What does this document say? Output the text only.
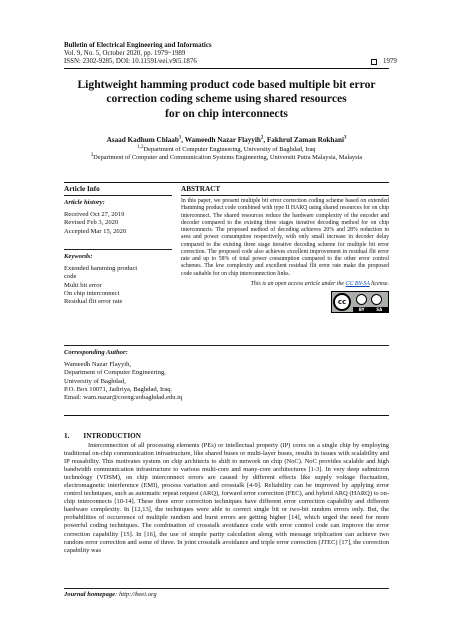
Bulletin of Electrical Engineering and Informatics
Vol. 9, No. 5, October 2020, pp. 1979~1989
ISSN: 2302-9285, DOI: 10.11591/eei.v9i5.1876	1979
Lightweight hamming product code based multiple bit error
correction coding scheme using shared resources
for on chip interconnects
Asaad Kadhum Chlaab$^1$, Wameedh Nazar Flayyih$^2$, Fakhrul Zaman Rokhani$^3$
$^{1,2}$Department of Computer Engineering, University of Baghdad, Iraq
$^3$Department of Computer and Communication Systems Engineering, Universiti Putra Malaysia, Malaysia
Article Info	ABSTRACT
Article history:
Received Oct 27, 2019
Revised Feb 3, 2020
Accepted Mar 15, 2020
Keywords:
Extended hamming product
code
Multi bit error
On chip interconnect
Residual flit error rate
In this paper, we present multiple bit error correction coding scheme based on extended Hamming product code combined with type II HARQ using shared resources for on chip interconnect. The shared resources reduce the hardware complexity of the encoder and decoder compared to the existing three stages iterative decoding method for on chip interconnects. The proposed method of decoding achieves 20% and 28% reduction in area and power consumption respectively, with only small increase in decoder delay compared to the existing three stage iterative decoding scheme for multiple bit error correction. The proposed code also achieves excellent improvement in residual flit error rate and up to 58% of total power consumption compared to the other error control schemes. The low complexity and excellent residual flit error rate make the proposed code suitable for on chip interconnection links.
This is an open access article under the CC BY-SA license.
cc
BY	SA
Corresponding Author:
Wameedh Nazar Flayyih,
Department of Computer Engineering,
University of Baghdad,
P.O. Box 10071, Jadiriya, Baghdad, Iraq.
Email: wam.nazar@coeng.uobaghdad.edu.iq
1. INTRODUCTION
Interconnection of all processing elements (PEs) or intellectual property (IP) cores on a single chip by employing traditional on-chip communication infrastructure, like shared buses or multi-layer buses, results in issues with scalability and IP reusability. This motivates system on chip architects to shift to network on chip (NoC). NoC provides scalable and high bandwidth communication infrastructure to various multi-core and many-core architectures [1-3]. In very deep submicron technology (VDSM), on chip interconnect errors are caused by different effects like supply voltage fluctuation, electromagnetic interference (EMI), process variation and crosstalk [4-9]. Reliability can be improved by applying error control techniques, such as automatic repeat request (ARQ), forward error correction (FEC), and hybrid ARQ (HARQ) to on-chip interconnects [10-14]. These three error correction techniques have different error correction capability and different hardware complexity. In [12,13], the techniques were able to correct single bit or two-bit random errors only. But, the probabilities of occurrence of multiple random and burst errors are getting higher [14], which urged the need for more powerful coding techniques. The combination of crosstalk avoidance code with error control code can improve the error correction capability [15]. In [16], the use of simple parity calculation along with message triplication can achieve two random error correction and some of three. In joint crosstalk avoidance and triple error correction (JTEC) [17], the correction capability was
Journal homepage: http://beei.org
